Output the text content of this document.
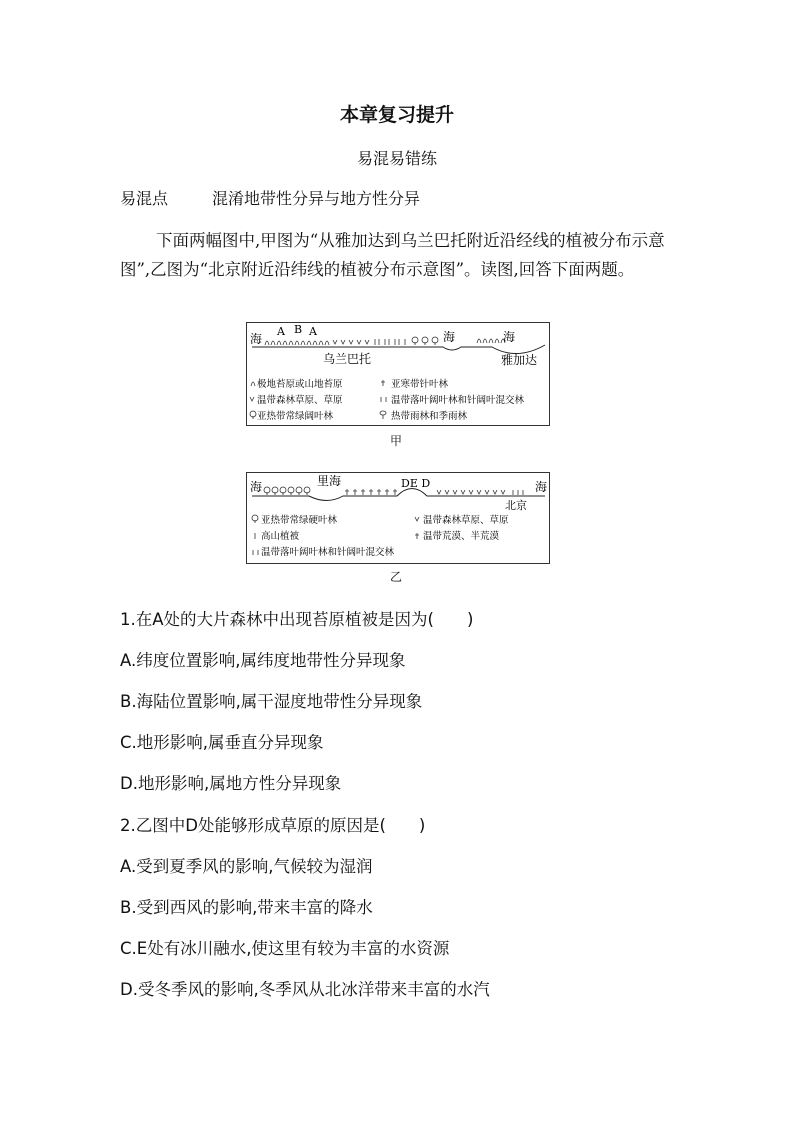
本章复习提升
易混易错练
易混点	混淆地带性分异与地方性分异
下面两幅图中,甲图为“从雅加达到乌兰巴托附近沿经线的植被分布示意图”,乙图为“北京附近沿纬线的植被分布示意图”。读图,回答下面两题。
海
A B A	海	海
乌兰巴托	雅加达
极地苔原或山地苔原	亚寒带针叶林
温带森林草原、草原	温带落叶阔叶林和针阔叶混交林
亚热带常绿阔叶林	热带雨林和季雨林
甲
海	里海	DE D	海
北京
亚热带常绿硬叶林	温带森林草原、草原
高山植被	温带荒漠、半荒漠
温带落叶阔叶林和针阔叶混交林
乙
1.在A处的大片森林中出现苔原植被是因为(　　)
A.纬度位置影响,属纬度地带性分异现象
B.海陆位置影响,属干湿度地带性分异现象
C.地形影响,属垂直分异现象
D.地形影响,属地方性分异现象
2.乙图中D处能够形成草原的原因是(　　)
A.受到夏季风的影响,气候较为湿润
B.受到西风的影响,带来丰富的降水
C.E处有冰川融水,使这里有较为丰富的水资源
D.受冬季风的影响,冬季风从北冰洋带来丰富的水汽
